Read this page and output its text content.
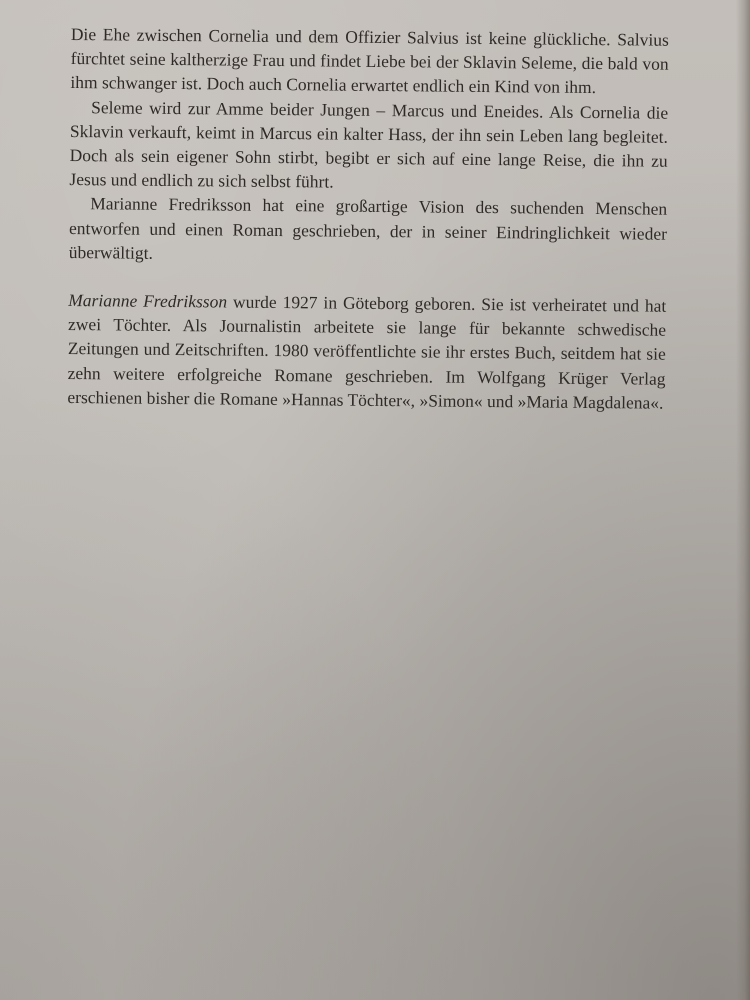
Die Ehe zwischen Cornelia und dem Offizier Salvius ist keine glückliche. Salvius fürchtet seine kaltherzige Frau und findet Liebe bei der Sklavin Seleme, die bald von ihm schwanger ist. Doch auch Cornelia erwartet endlich ein Kind von ihm.

Seleme wird zur Amme beider Jungen – Marcus und Eneides. Als Cornelia die Sklavin verkauft, keimt in Marcus ein kalter Hass, der ihn sein Leben lang begleitet. Doch als sein eigener Sohn stirbt, begibt er sich auf eine lange Reise, die ihn zu Jesus und endlich zu sich selbst führt.

Marianne Fredriksson hat eine großartige Vision des suchenden Menschen entworfen und einen Roman geschrieben, der in seiner Eindringlichkeit wieder überwältigt.

Marianne Fredriksson wurde 1927 in Göteborg geboren. Sie ist verheiratet und hat zwei Töchter. Als Journalistin arbeitete sie lange für bekannte schwedische Zeitungen und Zeitschriften. 1980 veröffentlichte sie ihr erstes Buch, seitdem hat sie zehn weitere erfolgreiche Romane geschrieben. Im Wolfgang Krüger Verlag erschienen bisher die Romane »Hannas Töchter«, »Simon« und »Maria Magdalena«.
